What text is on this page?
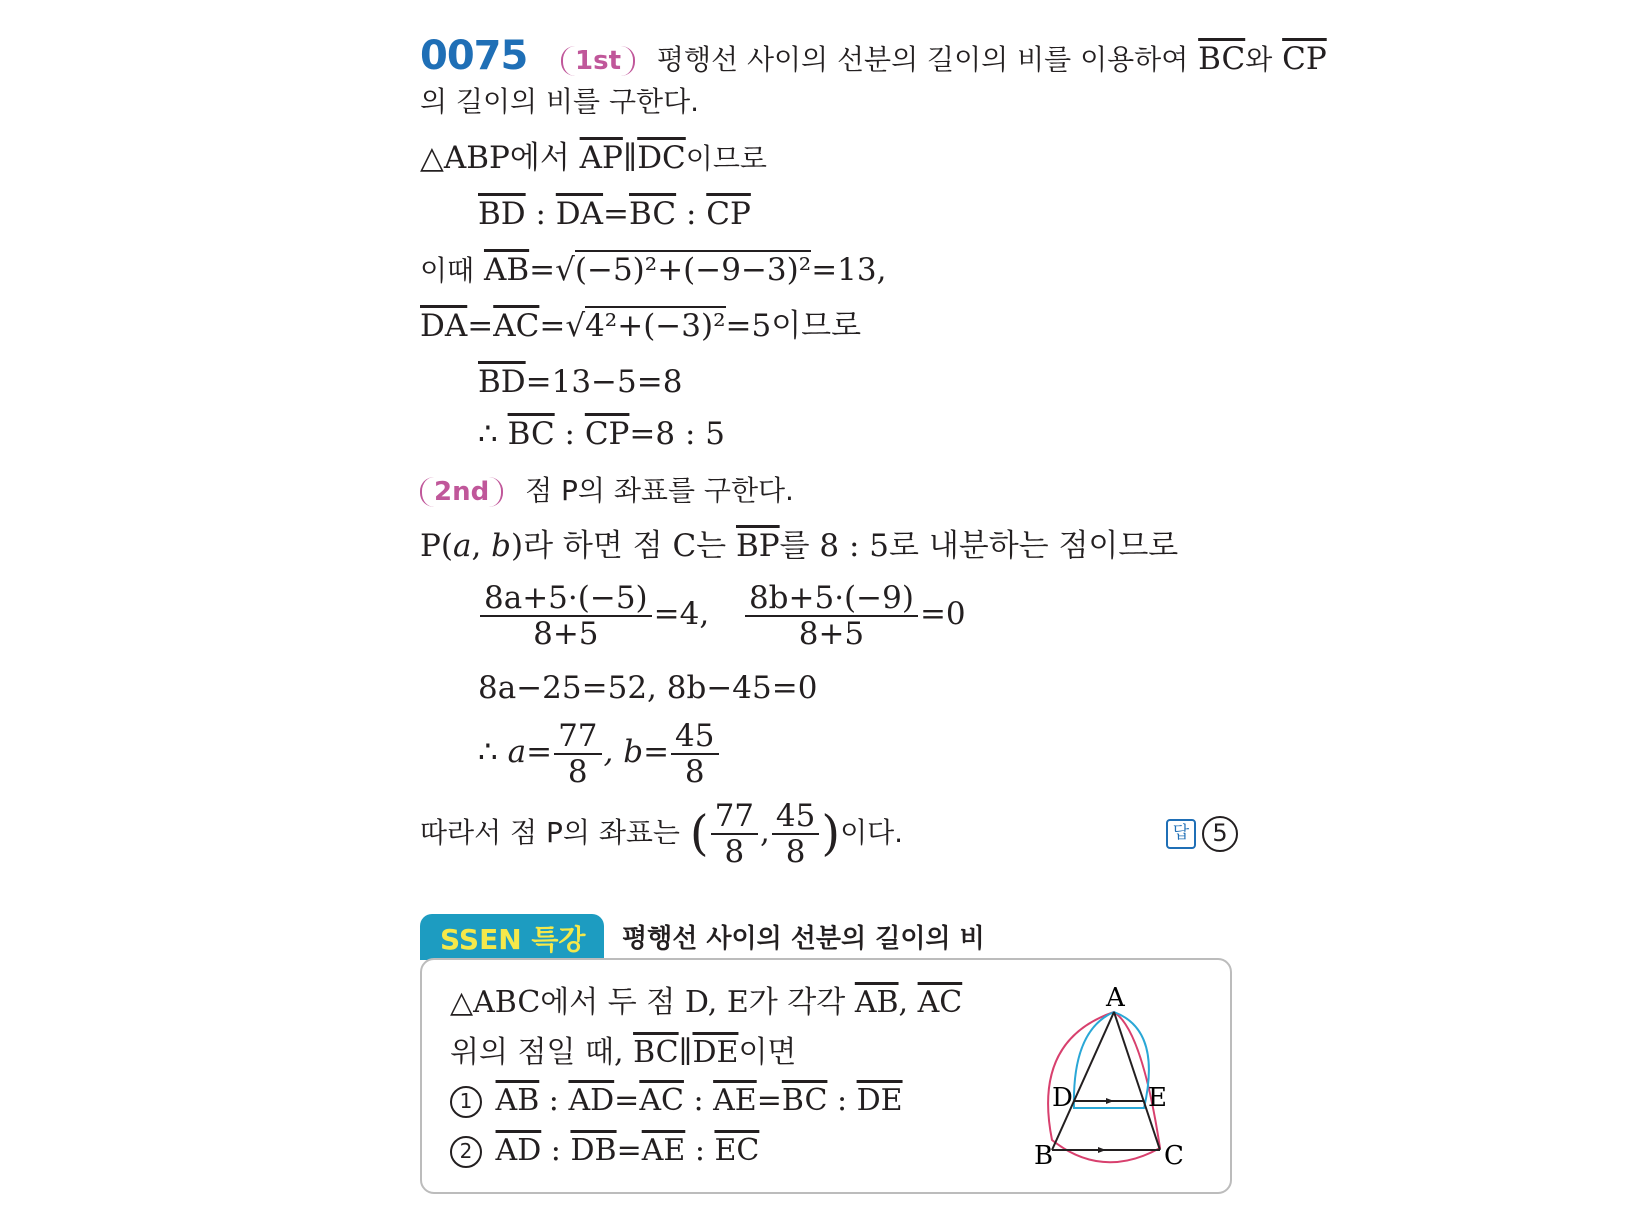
0075 1st 평행선 사이의 선분의 길이의 비를 이용하여 $\overline{BC}$와 $\overline{CP}$
의 길이의 비를 구한다.
△ABP에서 $\overline{AP}\parallel\overline{DC}$이므로
$\overline{BD}$ : $\overline{DA}=\overline{BC}$ : $\overline{CP}$
이때 $\overline{AB}=√(-5)^2+(-9-3)^2=13$,
$\overline{DA}=\overline{AC}=√4^2+(-3)^2=5$이므로
$\overline{BD}=13-5=8$
∴ $\overline{BC}$ : $\overline{CP}=8$ : 5
2nd 점 P의 좌표를 구한다.
P(a, b)라 하면 점 C는 $\overline{BP}$를 8 : 5로 내분하는 점이므로
$\frac{8a+5\cdot(-5)}{8+5} =4$, $\frac{8b+5\cdot(-9)}{8+5} =0$
8a−25=52, 8b−45=0
∴ $a= \frac{77}{8}$ , $b= \frac{45}{8}$
따라서 점 P의 좌표는 ( $\frac{77}{8}$ , $\frac{45}{8}$ )이다.	답 5
SSEN 특강 평행선 사이의 선분의 길이의 비
△ABC에서 두 점 D, E가 각각 $\overline{AB}$, $\overline{AC}$
위의 점일 때, $\overline{BC}\parallel\overline{DE}$이면
1 $\overline{AB}$ : $\overline{AD}=\overline{AC}$ : $\overline{AE}=\overline{BC}$ : $\overline{DE}$
2 $\overline{AD}$ : $\overline{DB}=\overline{AE}$ : $\overline{EC}$
A
B	C
D	E
